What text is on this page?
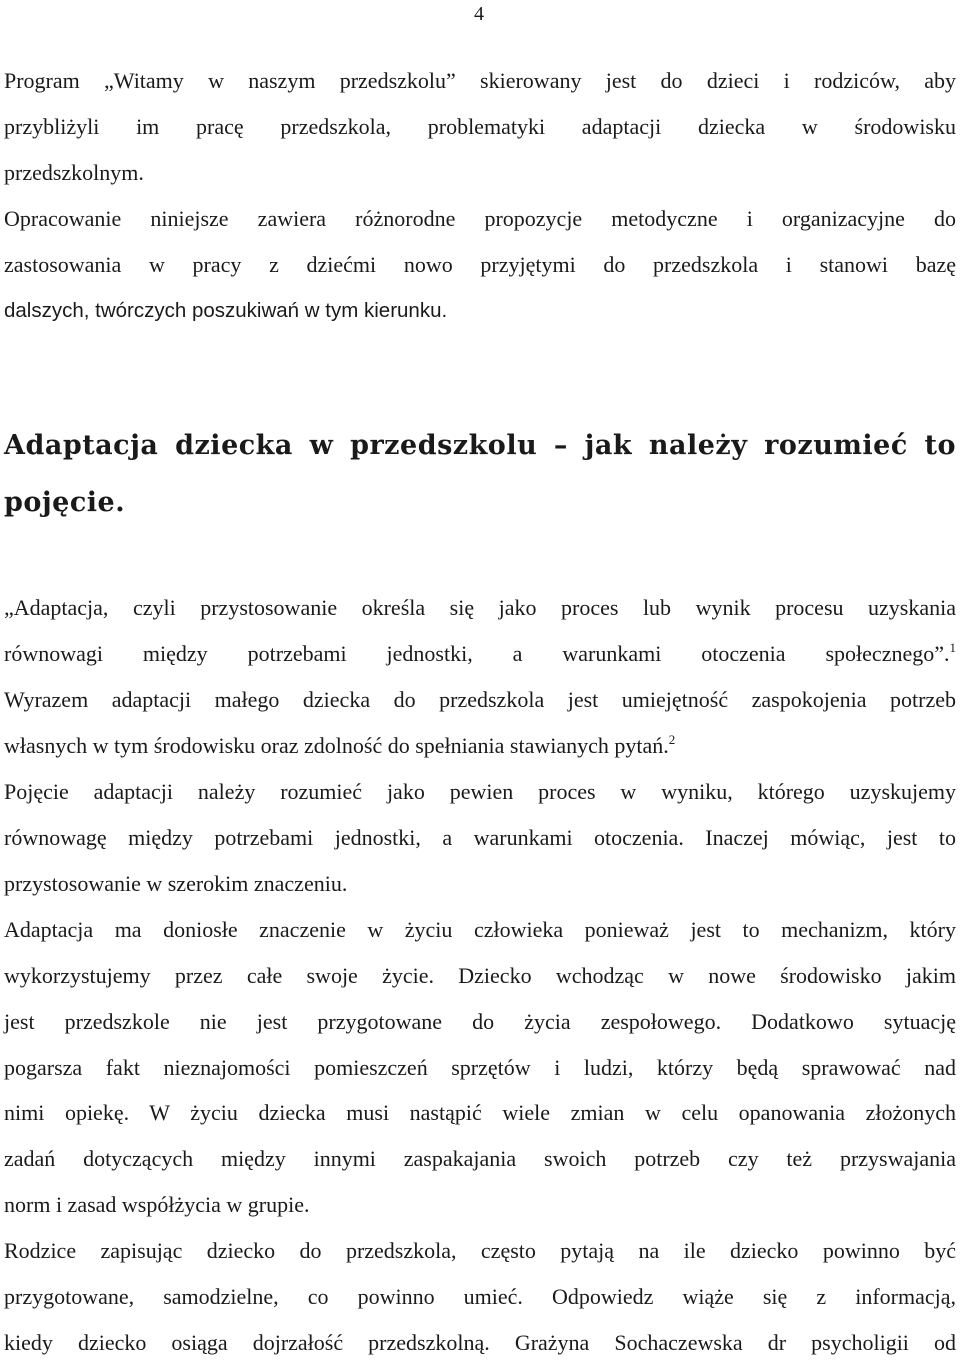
4

Program „Witamy w naszym przedszkolu” skierowany jest do dzieci i rodziców, aby

przybliżyli im pracę przedszkola, problematyki adaptacji dziecka w środowisku

przedszkolnym.

Opracowanie niniejsze zawiera różnorodne propozycje metodyczne i organizacyjne do

zastosowania w pracy z dziećmi nowo przyjętymi do przedszkola i stanowi bazę

dalszych, twórczych poszukiwań w tym kierunku.

Adaptacja dziecka w przedszkolu – jak należy rozumieć to

pojęcie.

„Adaptacja, czyli przystosowanie określa się jako proces lub wynik procesu uzyskania

równowagi między potrzebami jednostki, a warunkami otoczenia społecznego”.$^1$

Wyrazem adaptacji małego dziecka do przedszkola jest umiejętność zaspokojenia potrzeb

własnych w tym środowisku oraz zdolność do spełniania stawianych pytań.$^2$

Pojęcie adaptacji należy rozumieć jako pewien proces w wyniku, którego uzyskujemy

równowagę między potrzebami jednostki, a warunkami otoczenia. Inaczej mówiąc, jest to

przystosowanie w szerokim znaczeniu.

Adaptacja ma doniosłe znaczenie w życiu człowieka ponieważ jest to mechanizm, który

wykorzystujemy przez całe swoje życie. Dziecko wchodząc w nowe środowisko jakim

jest przedszkole nie jest przygotowane do życia zespołowego. Dodatkowo sytuację

pogarsza fakt nieznajomości pomieszczeń sprzętów i ludzi, którzy będą sprawować nad

nimi opiekę. W życiu dziecka musi nastąpić wiele zmian w celu opanowania złożonych

zadań dotyczących między innymi zaspakajania swoich potrzeb czy też przyswajania

norm i zasad współżycia w grupie.

Rodzice zapisując dziecko do przedszkola, często pytają na ile dziecko powinno być

przygotowane, samodzielne, co powinno umieć. Odpowiedz wiąże się z informacją,

kiedy dziecko osiąga dojrzałość przedszkolną. Grażyna Sochaczewska dr psycholigii od
